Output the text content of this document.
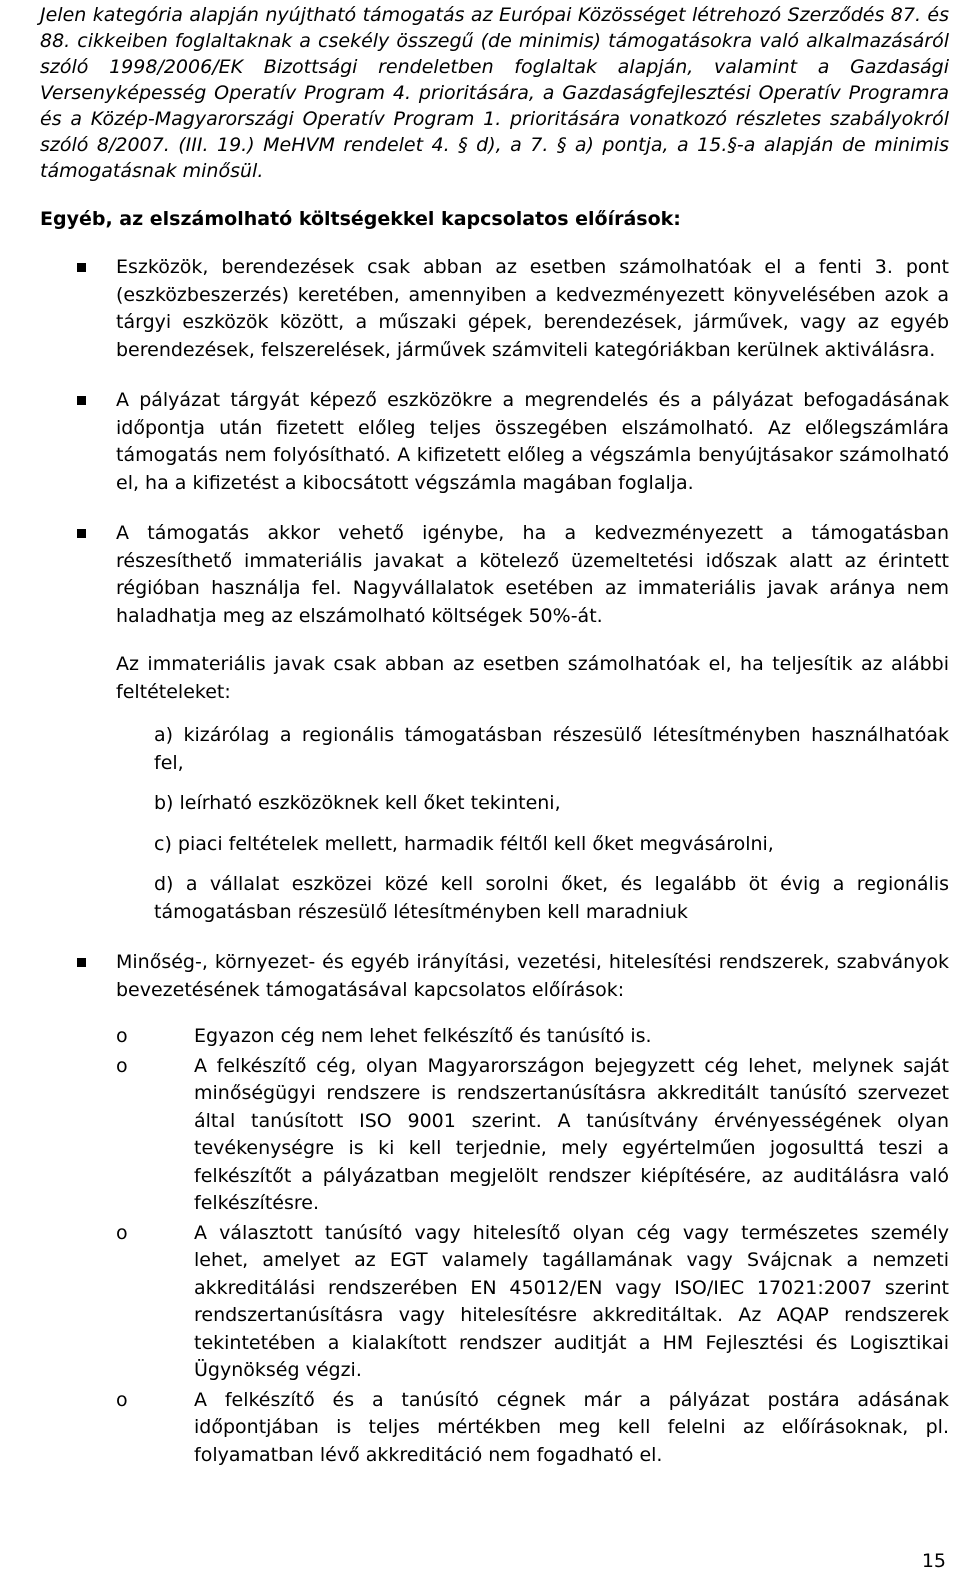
Jelen kategória alapján nyújtható támogatás az Európai Közösséget létrehozó Szerződés 87. és 88. cikkeiben foglaltaknak a csekély összegű (de minimis) támogatásokra való alkalmazásáról szóló 1998/2006/EK Bizottsági rendeletben foglaltak alapján, valamint a Gazdasági Versenyképesség Operatív Program 4. prioritására, a Gazdaságfejlesztési Operatív Programra és a Közép-Magyarországi Operatív Program 1. prioritására vonatkozó részletes szabályokról szóló 8/2007. (III. 19.) MeHVM rendelet 4. § d), a 7. § a) pontja, a 15.§-a alapján de minimis támogatásnak minősül.

Egyéb, az elszámolható költségekkel kapcsolatos előírások:

Eszközök, berendezések csak abban az esetben számolhatóak el a fenti 3. pont (eszközbeszerzés) keretében, amennyiben a kedvezményezett könyvelésében azok a tárgyi eszközök között, a műszaki gépek, berendezések, járművek, vagy az egyéb berendezések, felszerelések, járművek számviteli kategóriákban kerülnek aktiválásra.
A pályázat tárgyát képező eszközökre a megrendelés és a pályázat befogadásának időpontja után fizetett előleg teljes összegében elszámolható. Az előlegszámlára támogatás nem folyósítható. A kifizetett előleg a végszámla benyújtásakor számolható el, ha a kifizetést a kibocsátott végszámla magában foglalja.
A támogatás akkor vehető igénybe, ha a kedvezményezett a támogatásban részesíthető immateriális javakat a kötelező üzemeltetési időszak alatt az érintett régióban használja fel. Nagyvállalatok esetében az immateriális javak aránya nem haladhatja meg az elszámolható költségek 50%-át.
Az immateriális javak csak abban az esetben számolhatóak el, ha teljesítik az alábbi feltételeket:
a) kizárólag a regionális támogatásban részesülő létesítményben használhatóak fel,
b) leírható eszközöknek kell őket tekinteni,
c) piaci feltételek mellett, harmadik féltől kell őket megvásárolni,
d) a vállalat eszközei közé kell sorolni őket, és legalább öt évig a regionális támogatásban részesülő létesítményben kell maradniuk
Minőség-, környezet- és egyéb irányítási, vezetési, hitelesítési rendszerek, szabványok bevezetésének támogatásával kapcsolatos előírások:
o	Egyazon cég nem lehet felkészítő és tanúsító is.
o	A felkészítő cég, olyan Magyarországon bejegyzett cég lehet, melynek saját minőségügyi rendszere is rendszertanúsításra akkreditált tanúsító szervezet által tanúsított ISO 9001 szerint. A tanúsítvány érvényességének olyan tevékenységre is ki kell terjednie, mely egyértelműen jogosulttá teszi a felkészítőt a pályázatban megjelölt rendszer kiépítésére, az auditálásra való felkészítésre.
o	A választott tanúsító vagy hitelesítő olyan cég vagy természetes személy lehet, amelyet az EGT valamely tagállamának vagy Svájcnak a nemzeti akkreditálási rendszerében EN 45012/EN vagy ISO/IEC 17021:2007 szerint rendszertanúsításra vagy hitelesítésre akkreditáltak. Az AQAP rendszerek tekintetében a kialakított rendszer auditját a HM Fejlesztési és Logisztikai Ügynökség végzi.
o	A felkészítő és a tanúsító cégnek már a pályázat postára adásának időpontjában is teljes mértékben meg kell felelni az előírásoknak, pl. folyamatban lévő akkreditáció nem fogadható el.
15
